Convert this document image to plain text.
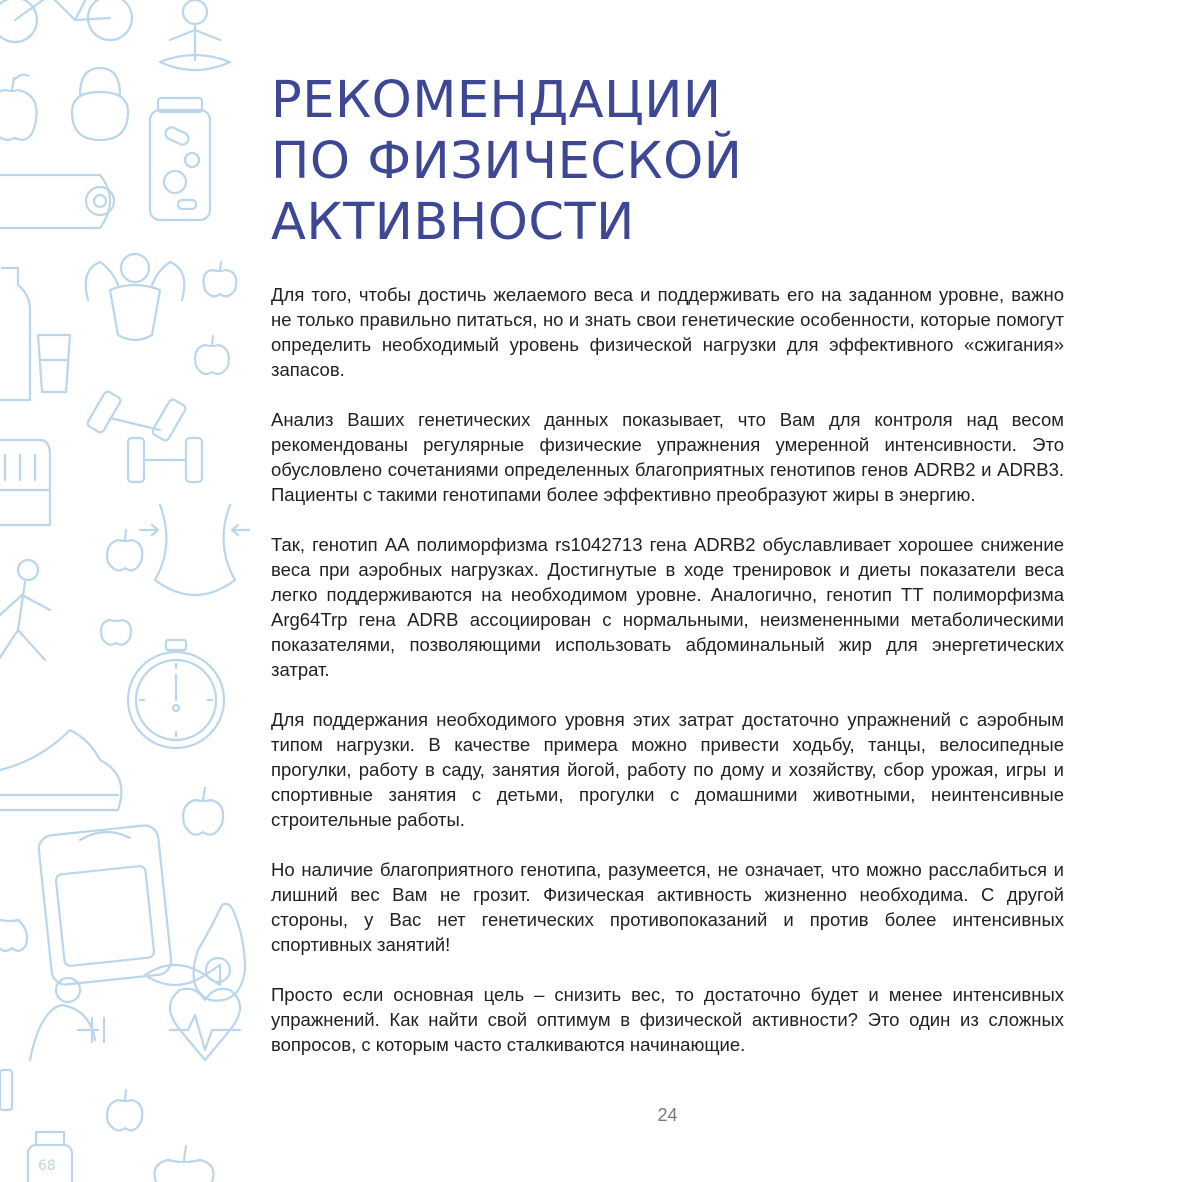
68
РЕКОМЕНДАЦИИ
ПО ФИЗИЧЕСКОЙ
АКТИВНОСТИ

Для того, чтобы достичь желаемого веса и поддерживать его на заданном уровне, важно не только правильно питаться, но и знать свои генетические особенности, которые помогут определить необходимый уровень физической нагрузки для эффективного «сжигания» запасов.

Анализ Ваших генетических данных показывает, что Вам для контроля над весом рекомендованы регулярные физические упражнения умеренной интенсивности. Это обусловлено сочетаниями определенных благоприятных генотипов генов ADRB2 и ADRB3. Пациенты с такими генотипами более эффективно преобразуют жиры в энергию.

Так, генотип АА полиморфизма rs1042713 гена ADRB2 обуславливает хорошее снижение веса при аэробных нагрузках. Достигнутые в ходе тренировок и диеты показатели веса легко поддерживаются на необходимом уровне. Аналогично, генотип ТТ полиморфизма Arg64Trp гена ADRB ассоциирован с нормальными, неизмененными метаболическими показателями, позволяющими использовать абдоминальный жир для энергетических затрат.

Для поддержания необходимого уровня этих затрат достаточно упражнений с аэробным типом нагрузки. В качестве примера можно привести ходьбу, танцы, велосипедные прогулки, работу в саду, занятия йогой, работу по дому и хозяйству, сбор урожая, игры и спортивные занятия с детьми, прогулки с домашними животными, неинтенсивные строительные работы.

Но наличие благоприятного генотипа, разумеется, не означает, что можно расслабиться и лишний вес Вам не грозит. Физическая активность жизненно необходима. С другой стороны, у Вас нет генетических противопоказаний и против более интенсивных спортивных занятий!

Просто если основная цель – снизить вес, то достаточно будет и менее интенсивных упражнений. Как найти свой оптимум в физической активности? Это один из сложных вопросов, с которым часто сталкиваются начинающие.

24
